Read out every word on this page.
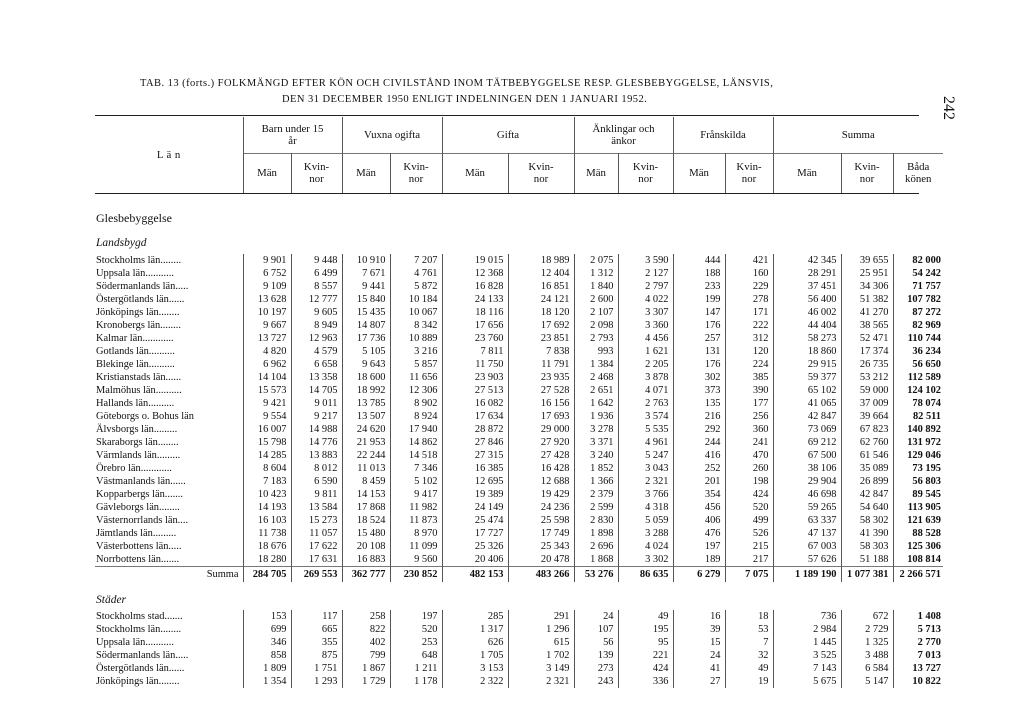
242
TAB. 13 (forts.) FOLKMÄNGD EFTER KÖN OCH CIVILSTÅND INOM TÄTBEBYGGELSE RESP. GLESBEBYGGELSE, LÄNSVIS,
DEN 31 DECEMBER 1950 ENLIGT INDELNINGEN DEN 1 JANUARI 1952.
L ä n	Barn under 15 år		Vuxna ogifta		Gifta		Änklingar och änkor		Frånskilda		Summa		
	Män	Kvin-nor	Män	Kvin-nor	Män	Kvin-nor	Män	Kvin-nor	Män	Kvin-nor	Män	Kvin-nor	Båda könen
Glesbebyggelse
Landsbygd
Stockholms län........	9 901	9 448	10 910	7 207	19 015	18 989	2 075	3 590	444	421	42 345	39 655	82 000
Uppsala län...........	6 752	6 499	7 671	4 761	12 368	12 404	1 312	2 127	188	160	28 291	25 951	54 242
Södermanlands län.....	9 109	8 557	9 441	5 872	16 828	16 851	1 840	2 797	233	229	37 451	34 306	71 757
Östergötlands län......	13 628	12 777	15 840	10 184	24 133	24 121	2 600	4 022	199	278	56 400	51 382	107 782
Jönköpings län........	10 197	9 605	15 435	10 067	18 116	18 120	2 107	3 307	147	171	46 002	41 270	87 272
Kronobergs län........	9 667	8 949	14 807	8 342	17 656	17 692	2 098	3 360	176	222	44 404	38 565	82 969
Kalmar län............	13 727	12 963	17 736	10 889	23 760	23 851	2 793	4 456	257	312	58 273	52 471	110 744
Gotlands län..........	4 820	4 579	5 105	3 216	7 811	7 838	993	1 621	131	120	18 860	17 374	36 234
Blekinge län..........	6 962	6 658	9 643	5 857	11 750	11 791	1 384	2 205	176	224	29 915	26 735	56 650
Kristianstads län......	14 104	13 358	18 600	11 656	23 903	23 935	2 468	3 878	302	385	59 377	53 212	112 589
Malmöhus län..........	15 573	14 705	18 992	12 306	27 513	27 528	2 651	4 071	373	390	65 102	59 000	124 102
Hallands län..........	9 421	9 011	13 785	8 902	16 082	16 156	1 642	2 763	135	177	41 065	37 009	78 074
Göteborgs o. Bohus län	9 554	9 217	13 507	8 924	17 634	17 693	1 936	3 574	216	256	42 847	39 664	82 511
Älvsborgs län.........	16 007	14 988	24 620	17 940	28 872	29 000	3 278	5 535	292	360	73 069	67 823	140 892
Skaraborgs län........	15 798	14 776	21 953	14 862	27 846	27 920	3 371	4 961	244	241	69 212	62 760	131 972
Värmlands län.........	14 285	13 883	22 244	14 518	27 315	27 428	3 240	5 247	416	470	67 500	61 546	129 046
Örebro län............	8 604	8 012	11 013	7 346	16 385	16 428	1 852	3 043	252	260	38 106	35 089	73 195
Västmanlands län......	7 183	6 590	8 459	5 102	12 695	12 688	1 366	2 321	201	198	29 904	26 899	56 803
Kopparbergs län.......	10 423	9 811	14 153	9 417	19 389	19 429	2 379	3 766	354	424	46 698	42 847	89 545
Gävleborgs län........	14 193	13 584	17 868	11 982	24 149	24 236	2 599	4 318	456	520	59 265	54 640	113 905
Västernorrlands län....	16 103	15 273	18 524	11 873	25 474	25 598	2 830	5 059	406	499	63 337	58 302	121 639
Jämtlands län.........	11 738	11 057	15 480	8 970	17 727	17 749	1 898	3 288	476	526	47 137	41 390	88 528
Västerbottens län.....	18 676	17 622	20 108	11 099	25 326	25 343	2 696	4 024	197	215	67 003	58 303	125 306
Norrbottens län.......	18 280	17 631	16 883	9 560	20 406	20 478	1 868	3 302	189	217	57 626	51 188	108 814
Summa	284 705	269 553	362 777	230 852	482 153	483 266	53 276	86 635	6 279	7 075	1 189 190	1 077 381	2 266 571
Städer
Stockholms stad.......	153	117	258	197	285	291	24	49	16	18	736	672	1 408
Stockholms län........	699	665	822	520	1 317	1 296	107	195	39	53	2 984	2 729	5 713
Uppsala län...........	346	355	402	253	626	615	56	95	15	7	1 445	1 325	2 770
Södermanlands län.....	858	875	799	648	1 705	1 702	139	221	24	32	3 525	3 488	7 013
Östergötlands län......	1 809	1 751	1 867	1 211	3 153	3 149	273	424	41	49	7 143	6 584	13 727
Jönköpings län........	1 354	1 293	1 729	1 178	2 322	2 321	243	336	27	19	5 675	5 147	10 822
